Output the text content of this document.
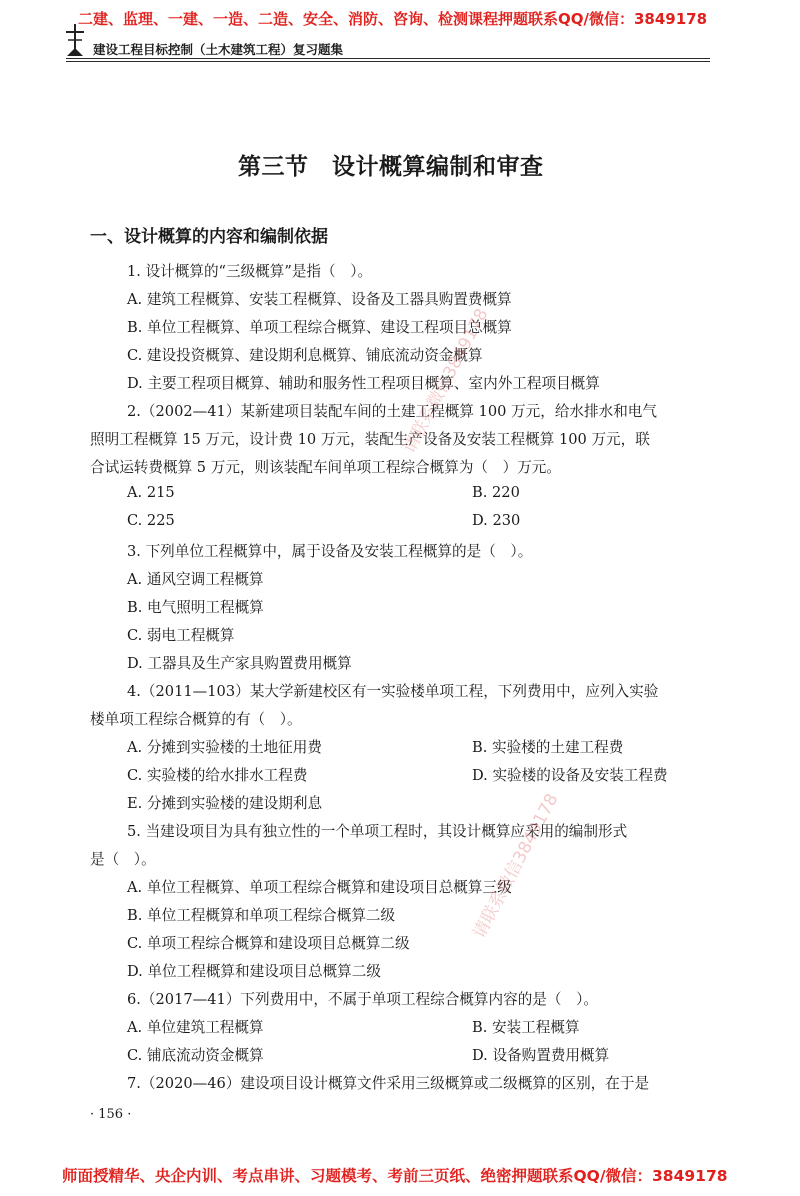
二建、监理、一建、一造、二造、安全、消防、咨询、检测课程押题联系QQ/微信：3849178
建设工程目标控制（土木建筑工程）复习题集
第三节　设计概算编制和审查
一、设计概算的内容和编制依据
1. 设计概算的“三级概算”是指（　）。
A. 建筑工程概算、安装工程概算、设备及工器具购置费概算
B. 单位工程概算、单项工程综合概算、建设工程项目总概算
C. 建设投资概算、建设期利息概算、铺底流动资金概算
D. 主要工程项目概算、辅助和服务性工程项目概算、室内外工程项目概算
2.（2002—41）某新建项目装配车间的土建工程概算 100 万元，给水排水和电气
照明工程概算 15 万元，设计费 10 万元，装配生产设备及安装工程概算 100 万元，联
合试运转费概算 5 万元，则该装配车间单项工程综合概算为（　）万元。
A. 215	B. 220
C. 225	D. 230
3. 下列单位工程概算中，属于设备及安装工程概算的是（　）。
A. 通风空调工程概算
B. 电气照明工程概算
C. 弱电工程概算
D. 工器具及生产家具购置费用概算
4.（2011—103）某大学新建校区有一实验楼单项工程，下列费用中，应列入实验
楼单项工程综合概算的有（　）。
A. 分摊到实验楼的土地征用费	B. 实验楼的土建工程费
C. 实验楼的给水排水工程费	D. 实验楼的设备及安装工程费
E. 分摊到实验楼的建设期利息
5. 当建设项目为具有独立性的一个单项工程时，其设计概算应采用的编制形式
是（　）。
A. 单位工程概算、单项工程综合概算和建设项目总概算三级
B. 单位工程概算和单项工程综合概算二级
C. 单项工程综合概算和建设项目总概算二级
D. 单位工程概算和建设项目总概算二级
6.（2017—41）下列费用中，不属于单项工程综合概算内容的是（　）。
A. 单位建筑工程概算	B. 安装工程概算
C. 铺底流动资金概算	D. 设备购置费用概算
7.（2020—46）建设项目设计概算文件采用三级概算或二级概算的区别，在于是
请联系微信3849178
请联系微信3849178
· 156 ·
师面授精华、央企内训、考点串讲、习题模考、考前三页纸、绝密押题联系QQ/微信：3849178
